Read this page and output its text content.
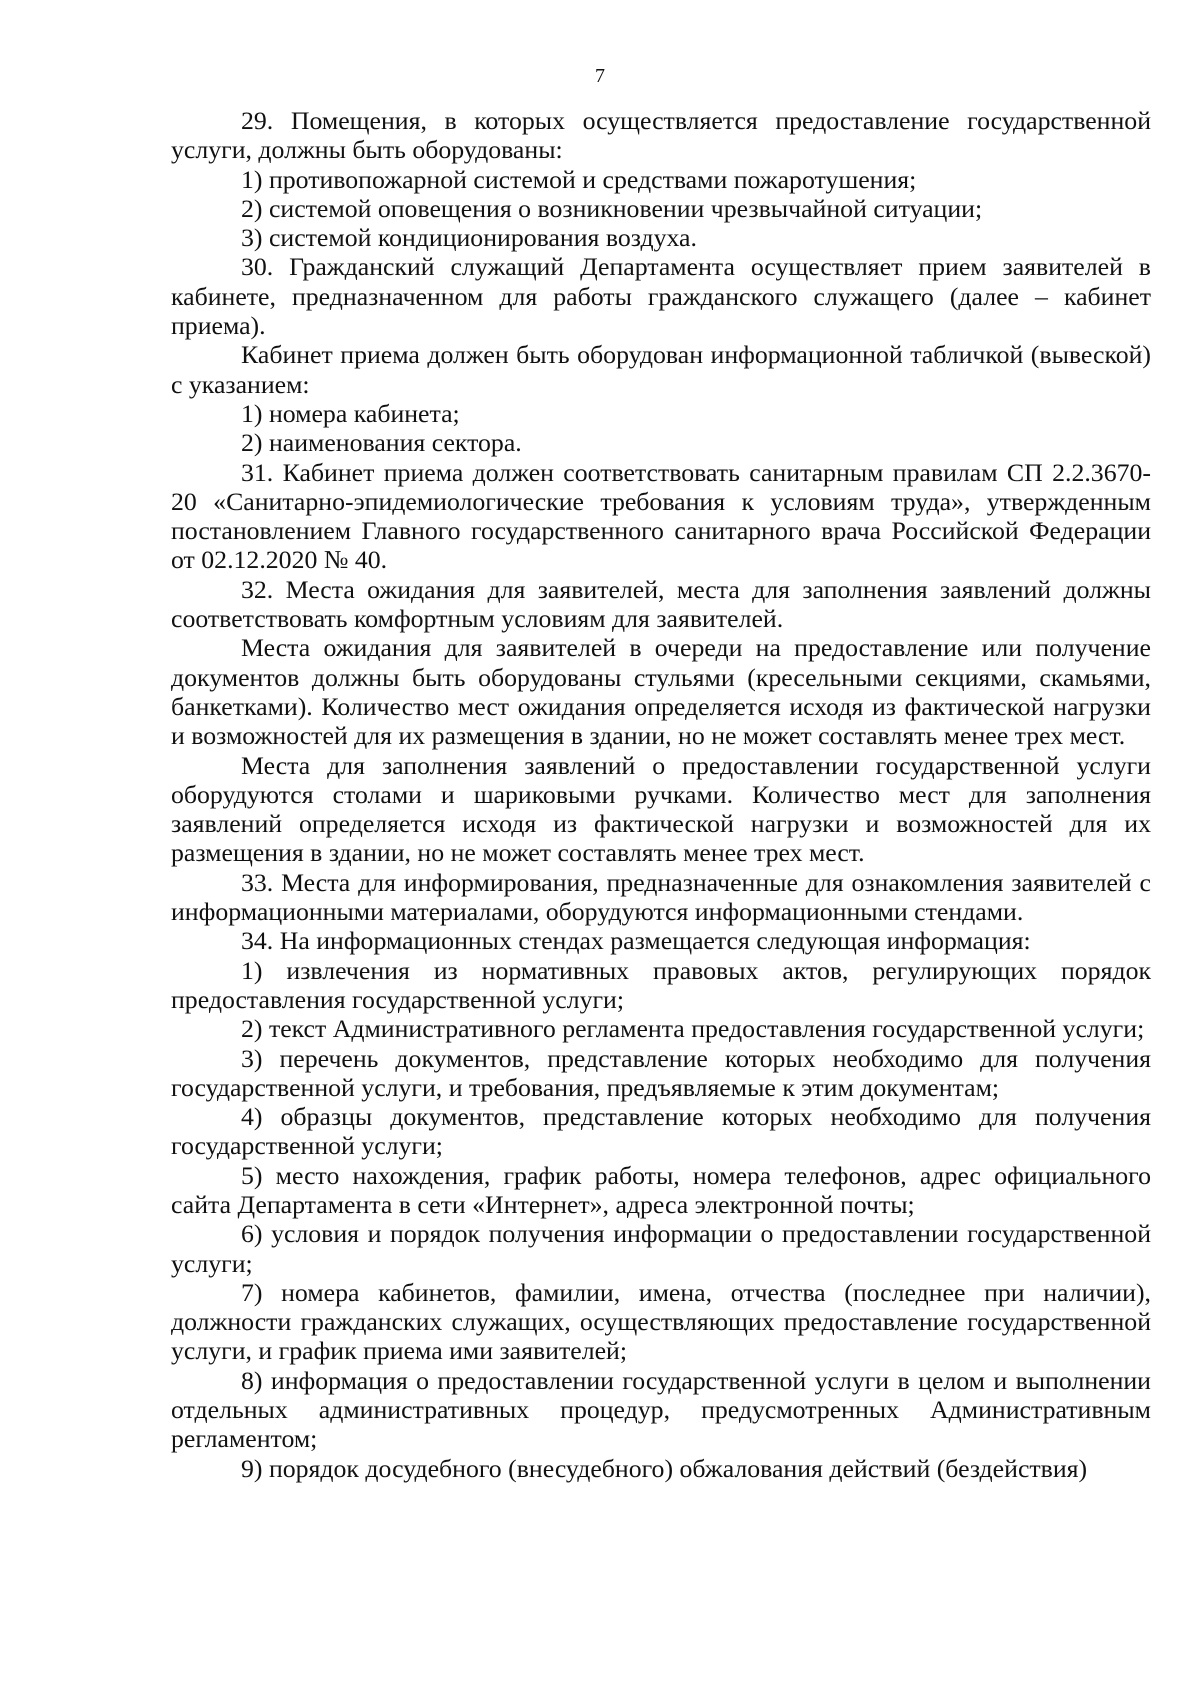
7

29. Помещения, в которых осуществляется предоставление государственной услуги, должны быть оборудованы:

1) противопожарной системой и средствами пожаротушения;

2) системой оповещения о возникновении чрезвычайной ситуации;

3) системой кондиционирования воздуха.

30. Гражданский служащий Департамента осуществляет прием заявителей в кабинете, предназначенном для работы гражданского служащего (далее – кабинет приема).

Кабинет приема должен быть оборудован информационной табличкой (вывеской) с указанием:

1) номера кабинета;

2) наименования сектора.

31. Кабинет приема должен соответствовать санитарным правилам СП 2.2.3670-20 «Санитарно-эпидемиологические требования к условиям труда», утвержденным постановлением Главного государственного санитарного врача Российской Федерации от 02.12.2020 № 40.

32. Места ожидания для заявителей, места для заполнения заявлений должны соответствовать комфортным условиям для заявителей.

Места ожидания для заявителей в очереди на предоставление или получение документов должны быть оборудованы стульями (кресельными секциями, скамьями, банкетками). Количество мест ожидания определяется исходя из фактической нагрузки и возможностей для их размещения в здании, но не может составлять менее трех мест.

Места для заполнения заявлений о предоставлении государственной услуги оборудуются столами и шариковыми ручками. Количество мест для заполнения заявлений определяется исходя из фактической нагрузки и возможностей для их размещения в здании, но не может составлять менее трех мест.

33. Места для информирования, предназначенные для ознакомления заявителей с информационными материалами, оборудуются информационными стендами.

34. На информационных стендах размещается следующая информация:

1) извлечения из нормативных правовых актов, регулирующих порядок предоставления государственной услуги;

2) текст Административного регламента предоставления государственной услуги;

3) перечень документов, представление которых необходимо для получения государственной услуги, и требования, предъявляемые к этим документам;

4) образцы документов, представление которых необходимо для получения государственной услуги;

5) место нахождения, график работы, номера телефонов, адрес официального сайта Департамента в сети «Интернет», адреса электронной почты;

6) условия и порядок получения информации о предоставлении государственной услуги;

7) номера кабинетов, фамилии, имена, отчества (последнее при наличии), должности гражданских служащих, осуществляющих предоставление государственной услуги, и график приема ими заявителей;

8) информация о предоставлении государственной услуги в целом и выполнении отдельных административных процедур, предусмотренных Административным регламентом;

9) порядок досудебного (внесудебного) обжалования действий (бездействия)
